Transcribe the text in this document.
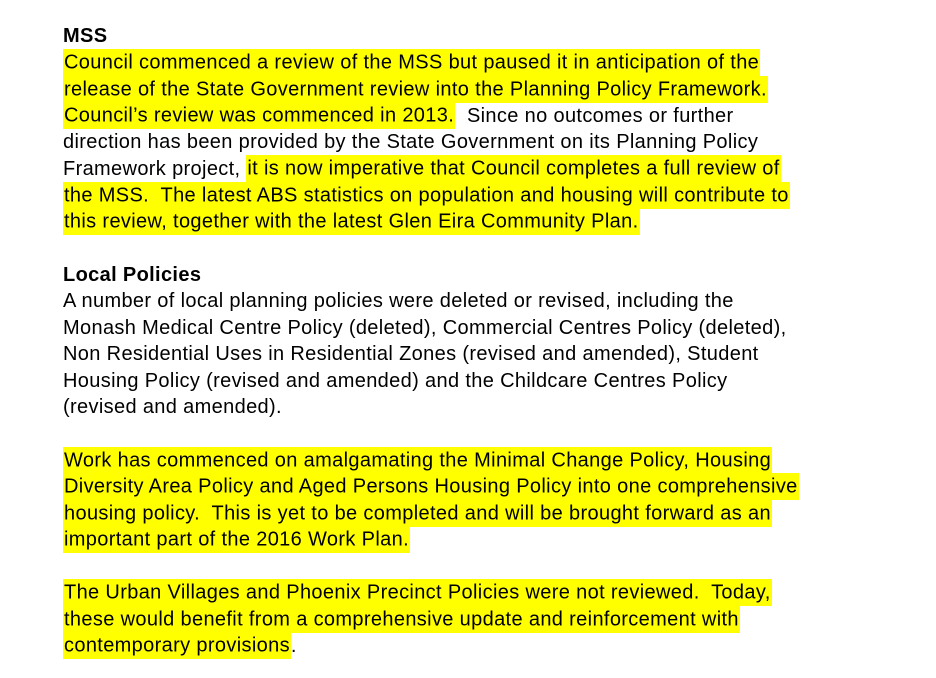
MSS
Council commenced a review of the MSS but paused it in anticipation of the
release of the State Government review into the Planning Policy Framework.
Council’s review was commenced in 2013.  Since no outcomes or further
direction has been provided by the State Government on its Planning Policy
Framework project, it is now imperative that Council completes a full review of
the MSS.  The latest ABS statistics on population and housing will contribute to
this review, together with the latest Glen Eira Community Plan.
Local Policies
A number of local planning policies were deleted or revised, including the
Monash Medical Centre Policy (deleted), Commercial Centres Policy (deleted),
Non Residential Uses in Residential Zones (revised and amended), Student
Housing Policy (revised and amended) and the Childcare Centres Policy
(revised and amended).
Work has commenced on amalgamating the Minimal Change Policy, Housing
Diversity Area Policy and Aged Persons Housing Policy into one comprehensive
housing policy.  This is yet to be completed and will be brought forward as an
important part of the 2016 Work Plan.
The Urban Villages and Phoenix Precinct Policies were not reviewed.  Today,
these would benefit from a comprehensive update and reinforcement with
contemporary provisions.
